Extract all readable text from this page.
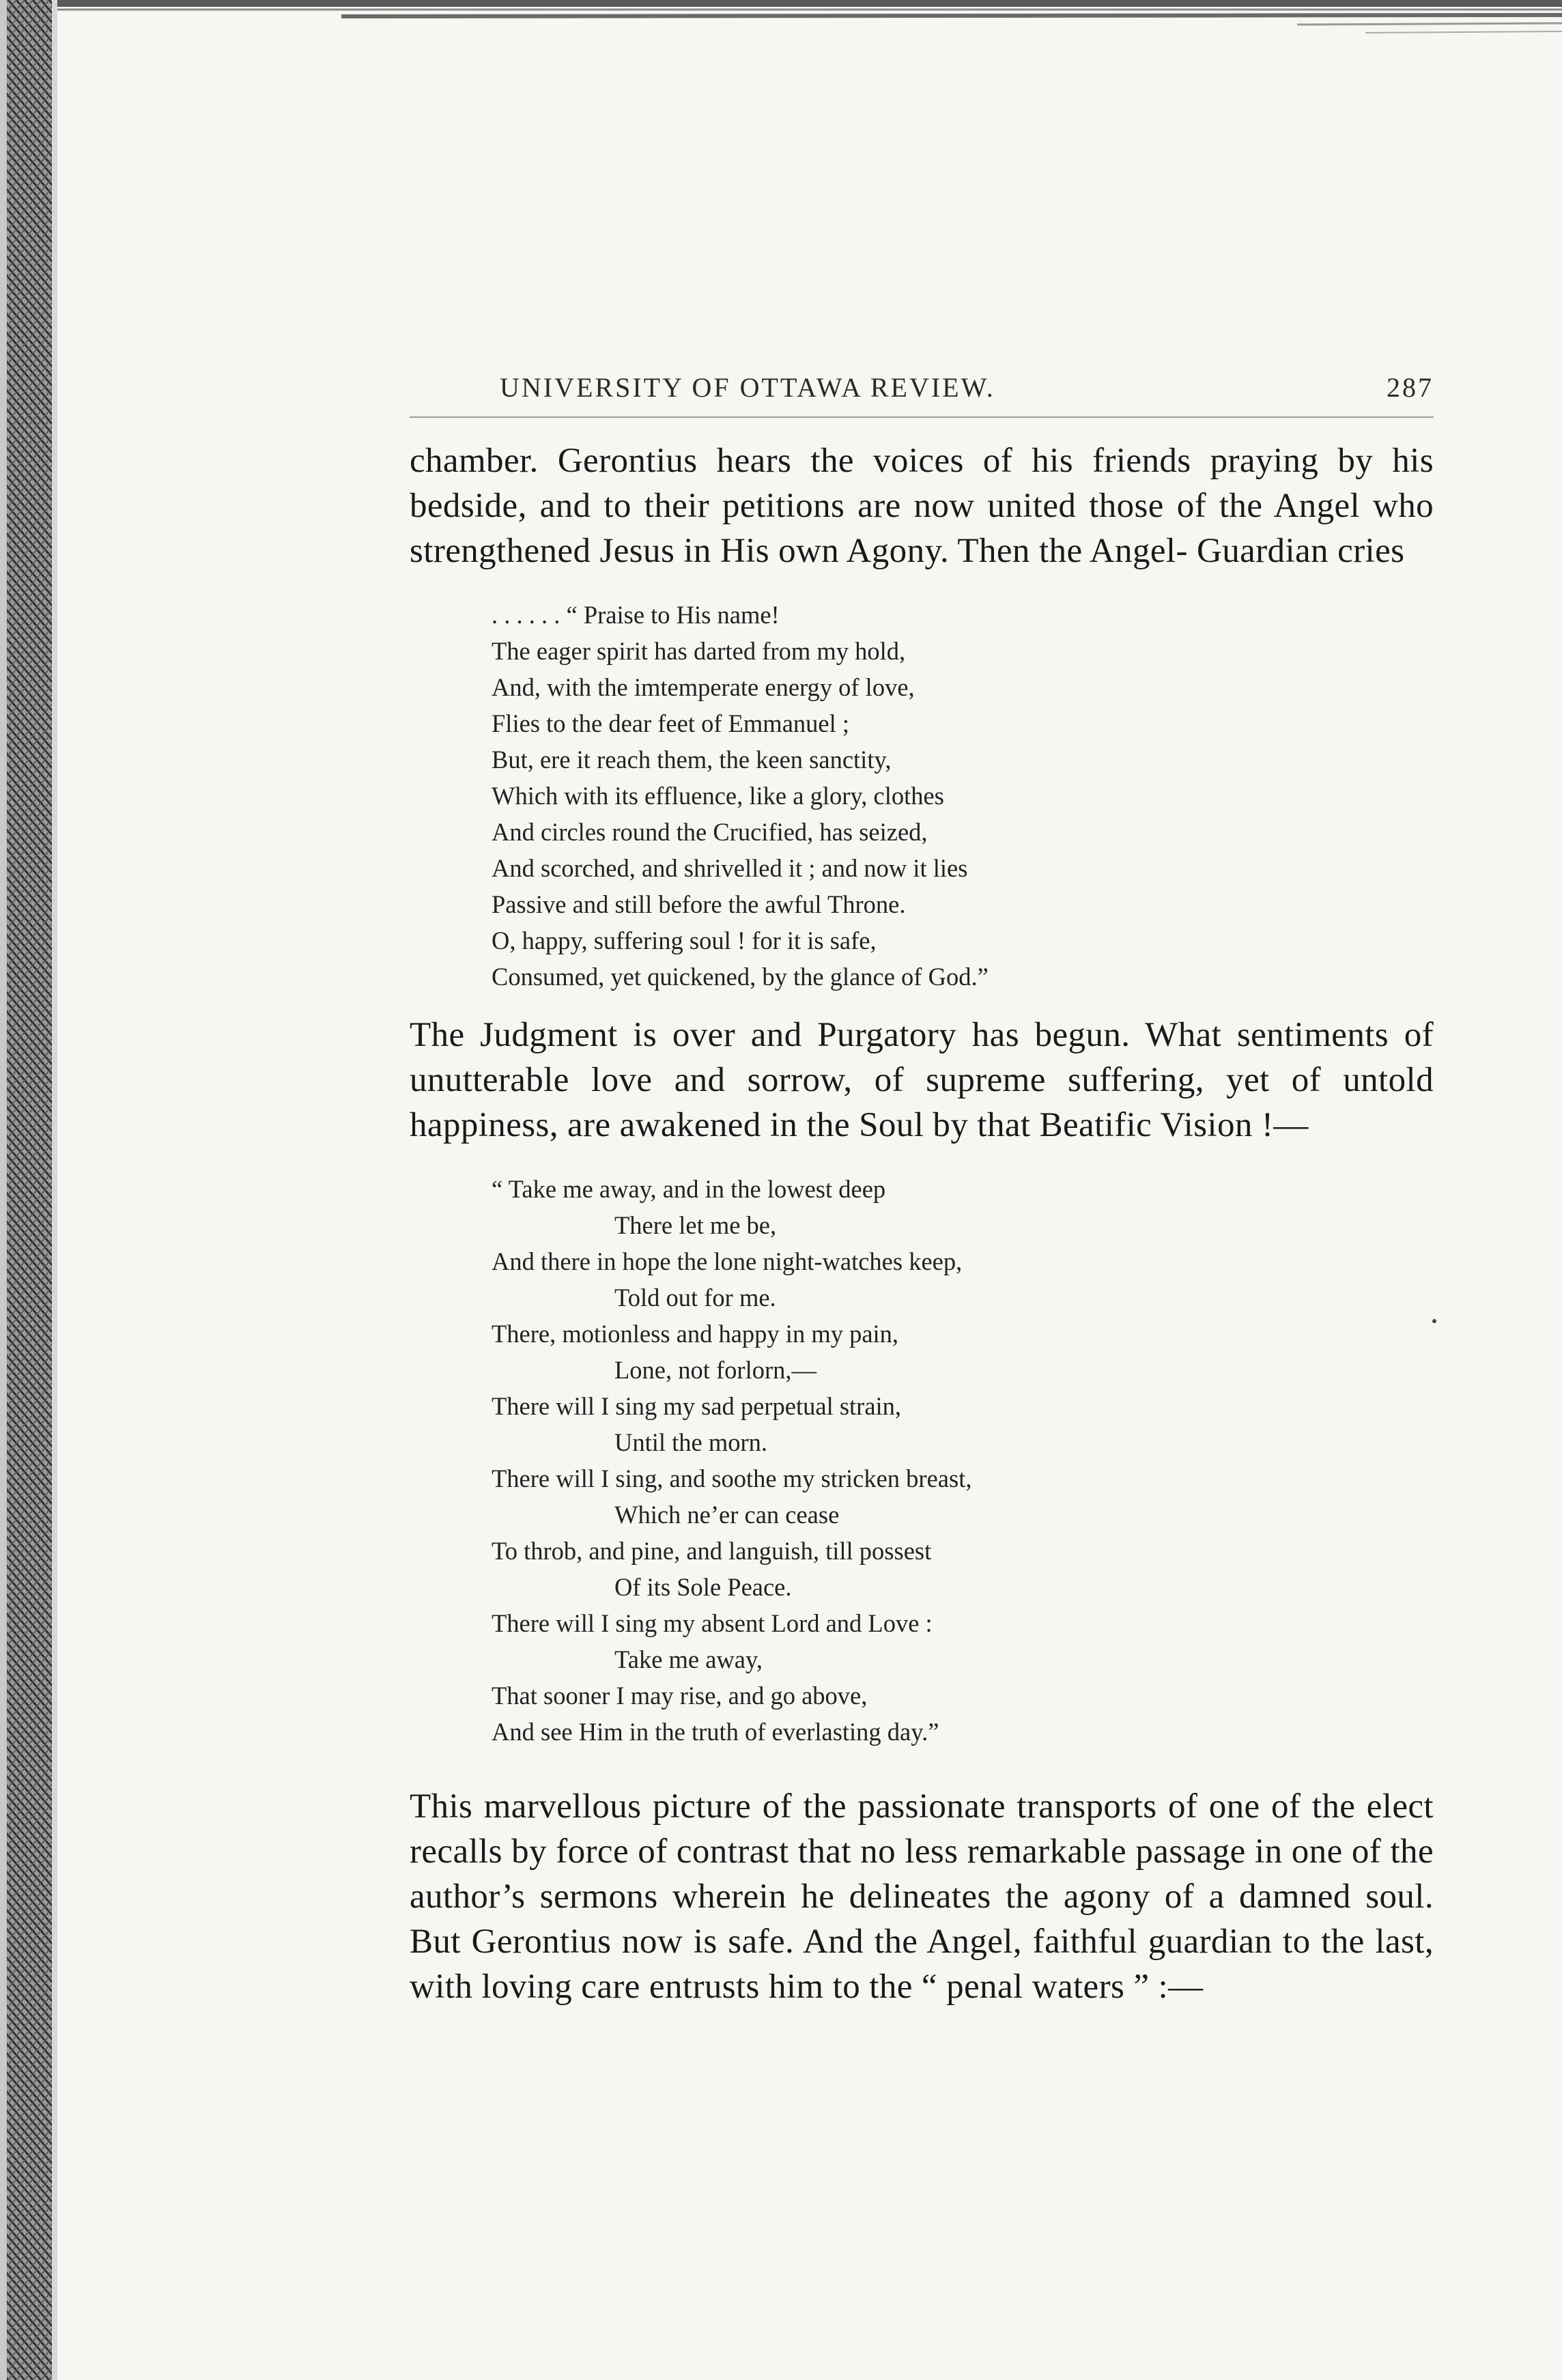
UNIVERSITY OF OTTAWA REVIEW.	287

chamber. Gerontius hears the voices of his friends praying by his bedside, and to their petitions are now united those of the Angel who strengthened Jesus in His own Agony. Then the Angel- Guardian cries

. . . . . . “ Praise to His name!
The eager spirit has darted from my hold,
And, with the imtemperate energy of love,
Flies to the dear feet of Emmanuel ;
But, ere it reach them, the keen sanctity,
Which with its effluence, like a glory, clothes
And circles round the Crucified, has seized,
And scorched, and shrivelled it ; and now it lies
Passive and still before the awful Throne.
O, happy, suffering soul ! for it is safe,
Consumed, yet quickened, by the glance of God.”

The Judgment is over and Purgatory has begun. What sentiments of unutterable love and sorrow, of supreme suffering, yet of untold happiness, are awakened in the Soul by that Beatific Vision !—

“ Take me away, and in the lowest deep
There let me be,
And there in hope the lone night-watches keep,
Told out for me.
There, motionless and happy in my pain,
Lone, not forlorn,—
There will I sing my sad perpetual strain,
Until the morn.
There will I sing, and soothe my stricken breast,
Which ne’er can cease
To throb, and pine, and languish, till possest
Of its Sole Peace.
There will I sing my absent Lord and Love :
Take me away,
That sooner I may rise, and go above,
And see Him in the truth of everlasting day.”

This marvellous picture of the passionate transports of one of the elect recalls by force of contrast that no less remarkable passage in one of the author’s sermons wherein he delineates the agony of a damned soul. But Gerontius now is safe. And the Angel, faithful guardian to the last, with loving care entrusts him to the “ penal waters ” :—
